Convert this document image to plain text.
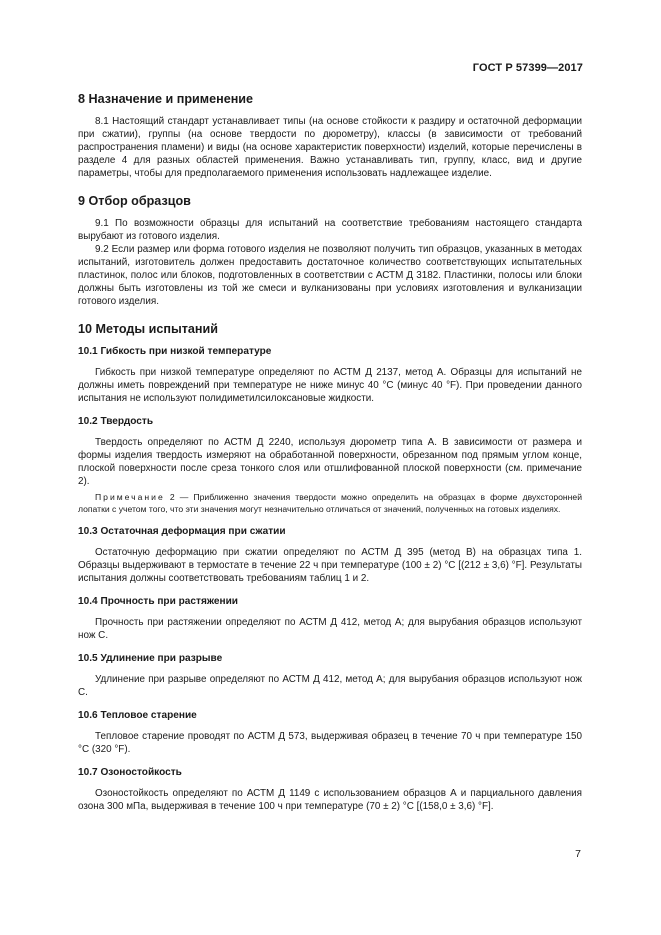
ГОСТ Р 57399—2017
8 Назначение и применение

8.1 Настоящий стандарт устанавливает типы (на основе стойкости к раздиру и остаточной деформации при сжатии), группы (на основе твердости по дюрометру), классы (в зависимости от требований распространения пламени) и виды (на основе характеристик поверхности) изделий, которые перечислены в разделе 4 для разных областей применения. Важно устанавливать тип, группу, класс, вид и другие параметры, чтобы для предполагаемого применения использовать надлежащее изделие.

9 Отбор образцов

9.1 По возможности образцы для испытаний на соответствие требованиям настоящего стандарта вырубают из готового изделия.

9.2 Если размер или форма готового изделия не позволяют получить тип образцов, указанных в методах испытаний, изготовитель должен предоставить достаточное количество соответствующих испытательных пластинок, полос или блоков, подготовленных в соответствии с АСТМ Д 3182. Пластинки, полосы или блоки должны быть изготовлены из той же смеси и вулканизованы при условиях изготовления и вулканизации готового изделия.

10 Методы испытаний
10.1 Гибкость при низкой температуре

Гибкость при низкой температуре определяют по АСТМ Д 2137, метод А. Образцы для испытаний не должны иметь повреждений при температуре не ниже минус 40 °С (минус 40 °F). При проведении данного испытания не используют полидиметилсилоксановые жидкости.

10.2 Твердость

Твердость определяют по АСТМ Д 2240, используя дюрометр типа А. В зависимости от размера и формы изделия твердость измеряют на обработанной поверхности, обрезанном под прямым углом конце, плоской поверхности после среза тонкого слоя или отшлифованной плоской поверхности (см. примечание 2).

Примечание 2 — Приближенно значения твердости можно определить на образцах в форме двухсторонней лопатки с учетом того, что эти значения могут незначительно отличаться от значений, полученных на готовых изделиях.

10.3 Остаточная деформация при сжатии

Остаточную деформацию при сжатии определяют по АСТМ Д 395 (метод В) на образцах типа 1. Образцы выдерживают в термостате в течение 22 ч при температуре (100 ± 2) °С [(212 ± 3,6) °F]. Результаты испытания должны соответствовать требованиям таблиц 1 и 2.

10.4 Прочность при растяжении

Прочность при растяжении определяют по АСТМ Д 412, метод А; для вырубания образцов используют нож С.

10.5 Удлинение при разрыве

Удлинение при разрыве определяют по АСТМ Д 412, метод А; для вырубания образцов используют нож С.

10.6 Тепловое старение

Тепловое старение проводят по АСТМ Д 573, выдерживая образец в течение 70 ч при температуре 150 °С (320 °F).

10.7 Озоностойкость

Озоностойкость определяют по АСТМ Д 1149 с использованием образцов А и парциального давления озона 300 мПа, выдерживая в течение 100 ч при температуре (70 ± 2) °С [(158,0 ± 3,6) °F].

7
